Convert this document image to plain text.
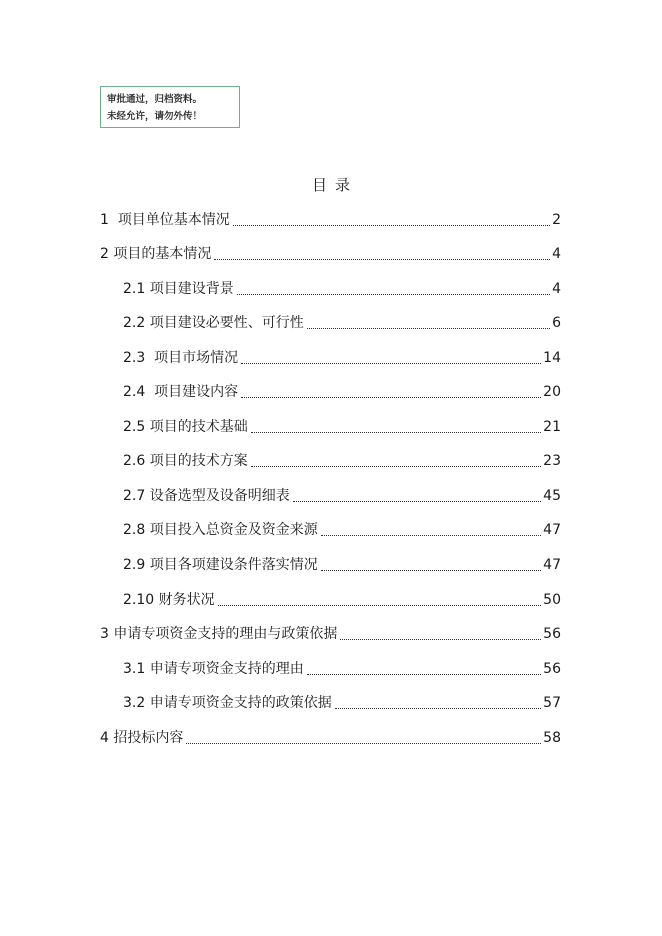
审批通过，归档资料。
未经允许，请勿外传！
目录
1 项目单位基本情况	2
2 项目的基本情况	4
2.1 项目建设背景	4
2.2 项目建设必要性、可行性	6
2.3 项目市场情况	14
2.4 项目建设内容	20
2.5 项目的技术基础	21
2.6 项目的技术方案	23
2.7 设备选型及设备明细表	45
2.8 项目投入总资金及资金来源	47
2.9 项目各项建设条件落实情况	47
2.10 财务状况	50
3 申请专项资金支持的理由与政策依据	56
3.1 申请专项资金支持的理由	56
3.2 申请专项资金支持的政策依据	57
4 招投标内容	58
